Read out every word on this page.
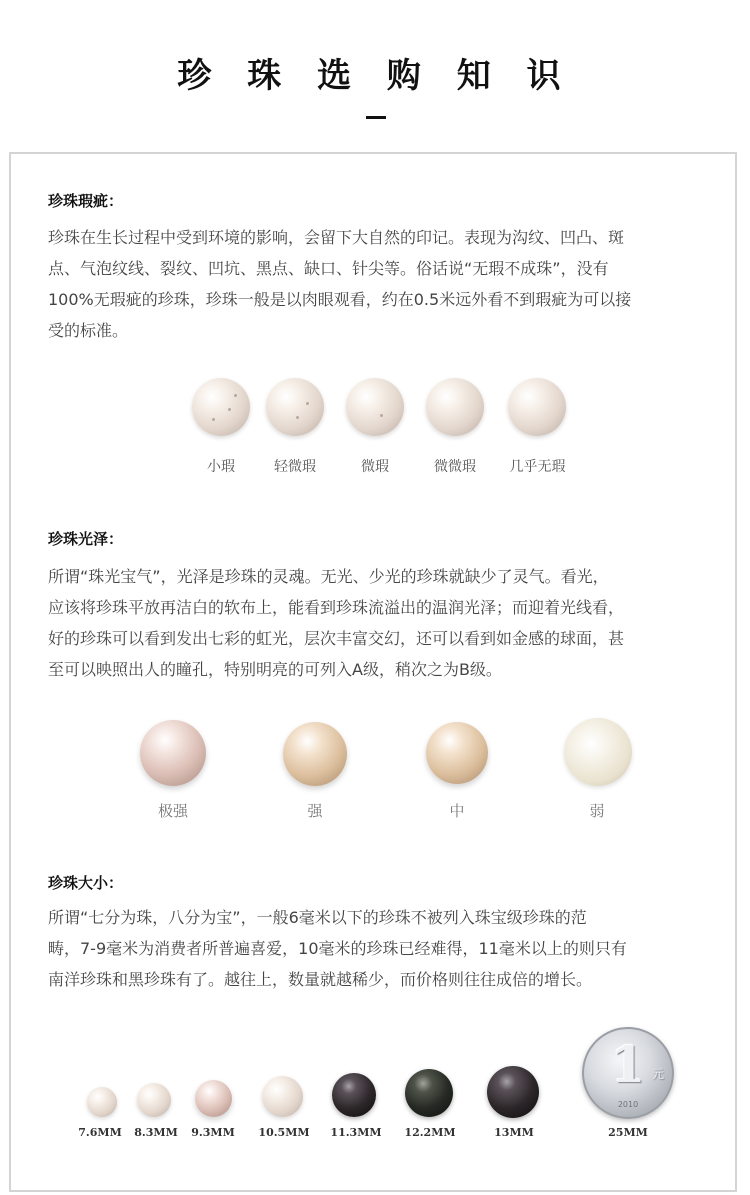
珍 珠 选 购 知 识
珍珠瑕疵：
珍珠在生长过程中受到环境的影响，会留下大自然的印记。表现为沟纹、凹凸、斑
点、气泡纹线、裂纹、凹坑、黑点、缺口、针尖等。俗话说“无瑕不成珠”，没有
100%无瑕疵的珍珠，珍珠一般是以肉眼观看，约在0.5米远外看不到瑕疵为可以接
受的标准。
小瑕	轻微瑕	微瑕	微微瑕	几乎无瑕
珍珠光泽：
所谓“珠光宝气”，光泽是珍珠的灵魂。无光、少光的珍珠就缺少了灵气。看光，
应该将珍珠平放再洁白的软布上，能看到珍珠流溢出的温润光泽；而迎着光线看，
好的珍珠可以看到发出七彩的虹光，层次丰富交幻，还可以看到如金感的球面，甚
至可以映照出人的瞳孔，特别明亮的可列入A级，稍次之为B级。
极强	强	中	弱
珍珠大小：
所谓“七分为珠，八分为宝”，一般6毫米以下的珍珠不被列入珠宝级珍珠的范
畴，7-9毫米为消费者所普遍喜爱，10毫米的珍珠已经难得，11毫米以上的则只有
南洋珍珠和黑珍珠有了。越往上，数量就越稀少，而价格则往往成倍的增长。
1 元
2010
7.6MM	8.3MM	9.3MM	10.5MM	11.3MM	12.2MM	13MM	25MM
